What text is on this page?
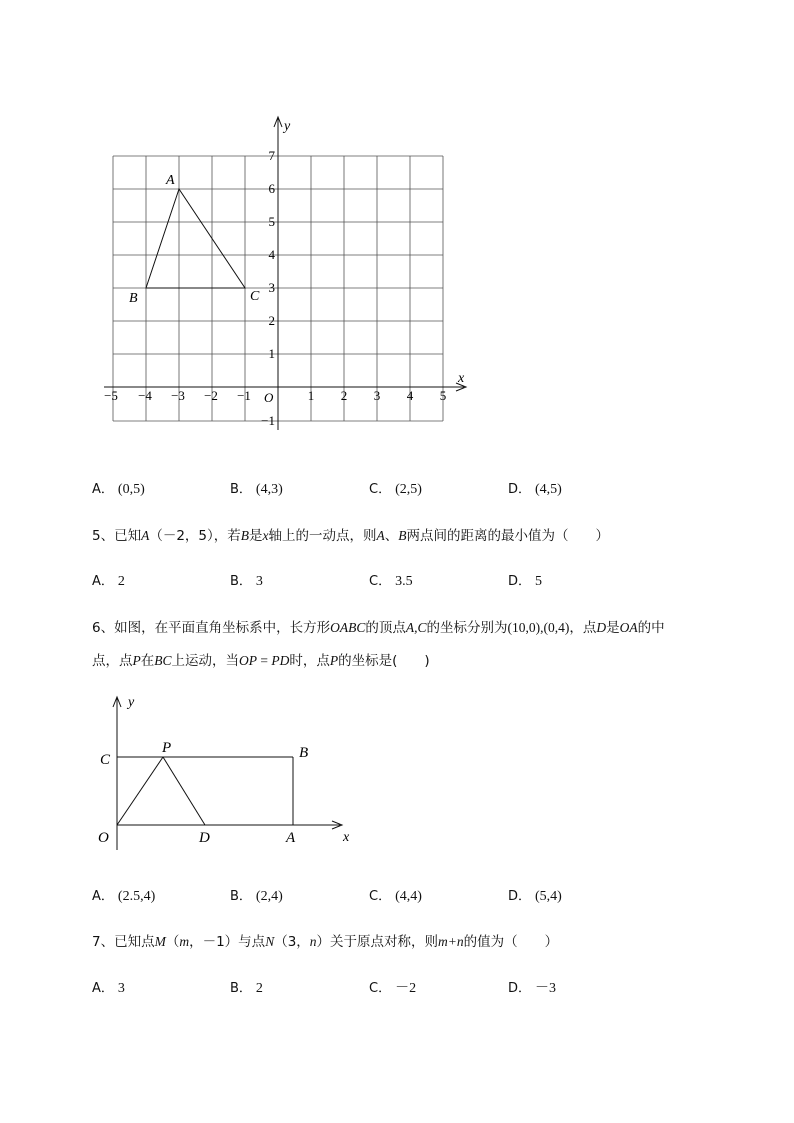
x
y
O
−5 −4 −3 −2 −1	1 2 3 4 5
7
6
5
4
3
2
1
−1
A
B	C
A． (0,5)	B． (4,3)	C． (2,5)	D． (4,5)
5、已知A（－2，5），若B是x轴上的一动点，则A、B两点间的距离的最小值为（　　）
A． 2	B． 3	C． 3.5	D． 5
6、如图，在平面直角坐标系中，长方形OABC的顶点A,C的坐标分别为(10,0),(0,4)，点D是OA的中
点，点P在BC上运动，当OP = PD时，点P的坐标是(　　)
y
x
O
C
P	B
D	A
A． (2.5,4)	B． (2,4)	C． (4,4)	D． (5,4)
7、已知点M（m，－1）与点N（3，n）关于原点对称，则m+n的值为（　　）
A． 3	B． 2	C． －2	D． －3
